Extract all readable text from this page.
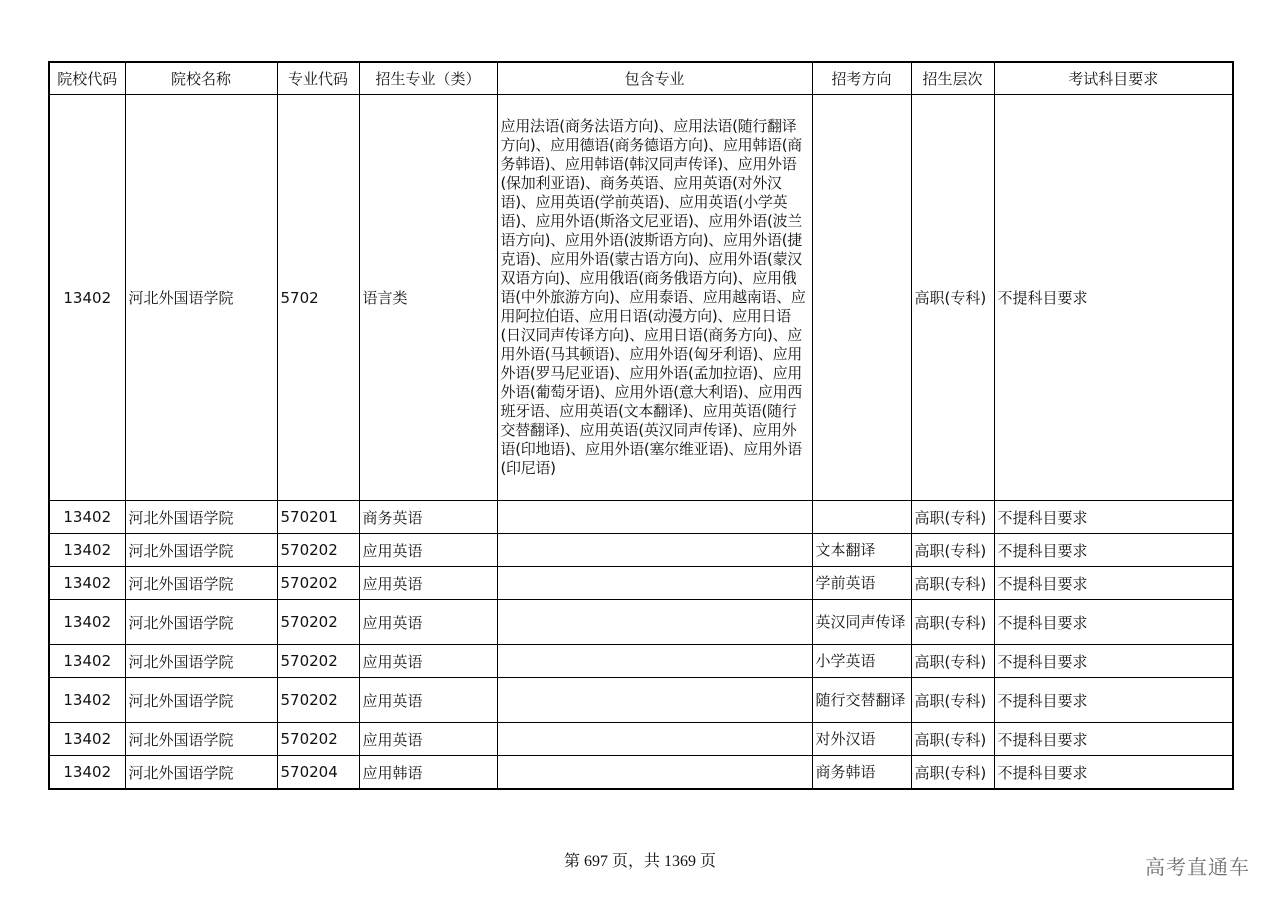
院校代码	院校名称	专业代码	招生专业（类）	包含专业	招考方向	招生层次	考试科目要求
13402	河北外国语学院	5702	语言类	应用法语(商务法语方向)、应用法语(随行翻译方向)、应用德语(商务德语方向)、应用韩语(商务韩语)、应用韩语(韩汉同声传译)、应用外语(保加利亚语)、商务英语、应用英语(对外汉语)、应用英语(学前英语)、应用英语(小学英语)、应用外语(斯洛文尼亚语)、应用外语(波兰语方向)、应用外语(波斯语方向)、应用外语(捷克语)、应用外语(蒙古语方向)、应用外语(蒙汉双语方向)、应用俄语(商务俄语方向)、应用俄语(中外旅游方向)、应用泰语、应用越南语、应用阿拉伯语、应用日语(动漫方向)、应用日语(日汉同声传译方向)、应用日语(商务方向)、应用外语(马其顿语)、应用外语(匈牙利语)、应用外语(罗马尼亚语)、应用外语(孟加拉语)、应用外语(葡萄牙语)、应用外语(意大利语)、应用西班牙语、应用英语(文本翻译)、应用英语(随行交替翻译)、应用英语(英汉同声传译)、应用外语(印地语)、应用外语(塞尔维亚语)、应用外语(印尼语)		高职(专科)	不提科目要求
13402	河北外国语学院	570201	商务英语			高职(专科)	不提科目要求
13402	河北外国语学院	570202	应用英语		文本翻译	高职(专科)	不提科目要求
13402	河北外国语学院	570202	应用英语		学前英语	高职(专科)	不提科目要求
13402	河北外国语学院	570202	应用英语		英汉同声传译	高职(专科)	不提科目要求
13402	河北外国语学院	570202	应用英语		小学英语	高职(专科)	不提科目要求
13402	河北外国语学院	570202	应用英语		随行交替翻译	高职(专科)	不提科目要求
13402	河北外国语学院	570202	应用英语		对外汉语	高职(专科)	不提科目要求
13402	河北外国语学院	570204	应用韩语		商务韩语	高职(专科)	不提科目要求
第 697 页，共 1369 页	高考直通车
